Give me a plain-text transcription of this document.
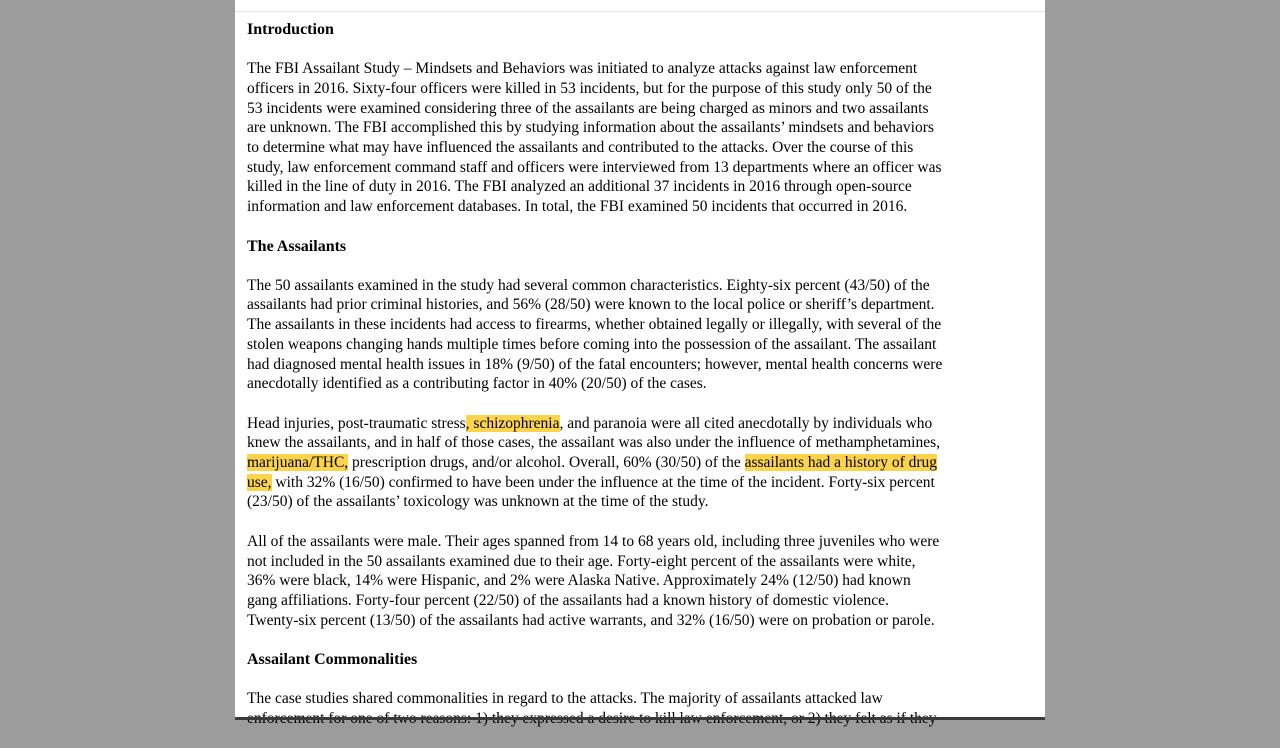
Introduction
The FBI Assailant Study – Mindsets and Behaviors was initiated to analyze attacks against law enforcement
officers in 2016. Sixty-four officers were killed in 53 incidents, but for the purpose of this study only 50 of the
53 incidents were examined considering three of the assailants are being charged as minors and two assailants
are unknown. The FBI accomplished this by studying information about the assailants’ mindsets and behaviors
to determine what may have influenced the assailants and contributed to the attacks. Over the course of this
study, law enforcement command staff and officers were interviewed from 13 departments where an officer was
killed in the line of duty in 2016. The FBI analyzed an additional 37 incidents in 2016 through open-source
information and law enforcement databases. In total, the FBI examined 50 incidents that occurred in 2016.
The Assailants
The 50 assailants examined in the study had several common characteristics. Eighty-six percent (43/50) of the
assailants had prior criminal histories, and 56% (28/50) were known to the local police or sheriff’s department.
The assailants in these incidents had access to firearms, whether obtained legally or illegally, with several of the
stolen weapons changing hands multiple times before coming into the possession of the assailant. The assailant
had diagnosed mental health issues in 18% (9/50) of the fatal encounters; however, mental health concerns were
anecdotally identified as a contributing factor in 40% (20/50) of the cases.
Head injuries, post-traumatic stress, schizophrenia, and paranoia were all cited anecdotally by individuals who
knew the assailants, and in half of those cases, the assailant was also under the influence of methamphetamines,
marijuana/THC, prescription drugs, and/or alcohol. Overall, 60% (30/50) of the assailants had a history of drug
use, with 32% (16/50) confirmed to have been under the influence at the time of the incident. Forty-six percent
(23/50) of the assailants’ toxicology was unknown at the time of the study.
All of the assailants were male. Their ages spanned from 14 to 68 years old, including three juveniles who were
not included in the 50 assailants examined due to their age. Forty-eight percent of the assailants were white,
36% were black, 14% were Hispanic, and 2% were Alaska Native. Approximately 24% (12/50) had known
gang affiliations. Forty-four percent (22/50) of the assailants had a known history of domestic violence.
Twenty-six percent (13/50) of the assailants had active warrants, and 32% (16/50) were on probation or parole.
Assailant Commonalities
The case studies shared commonalities in regard to the attacks. The majority of assailants attacked law
